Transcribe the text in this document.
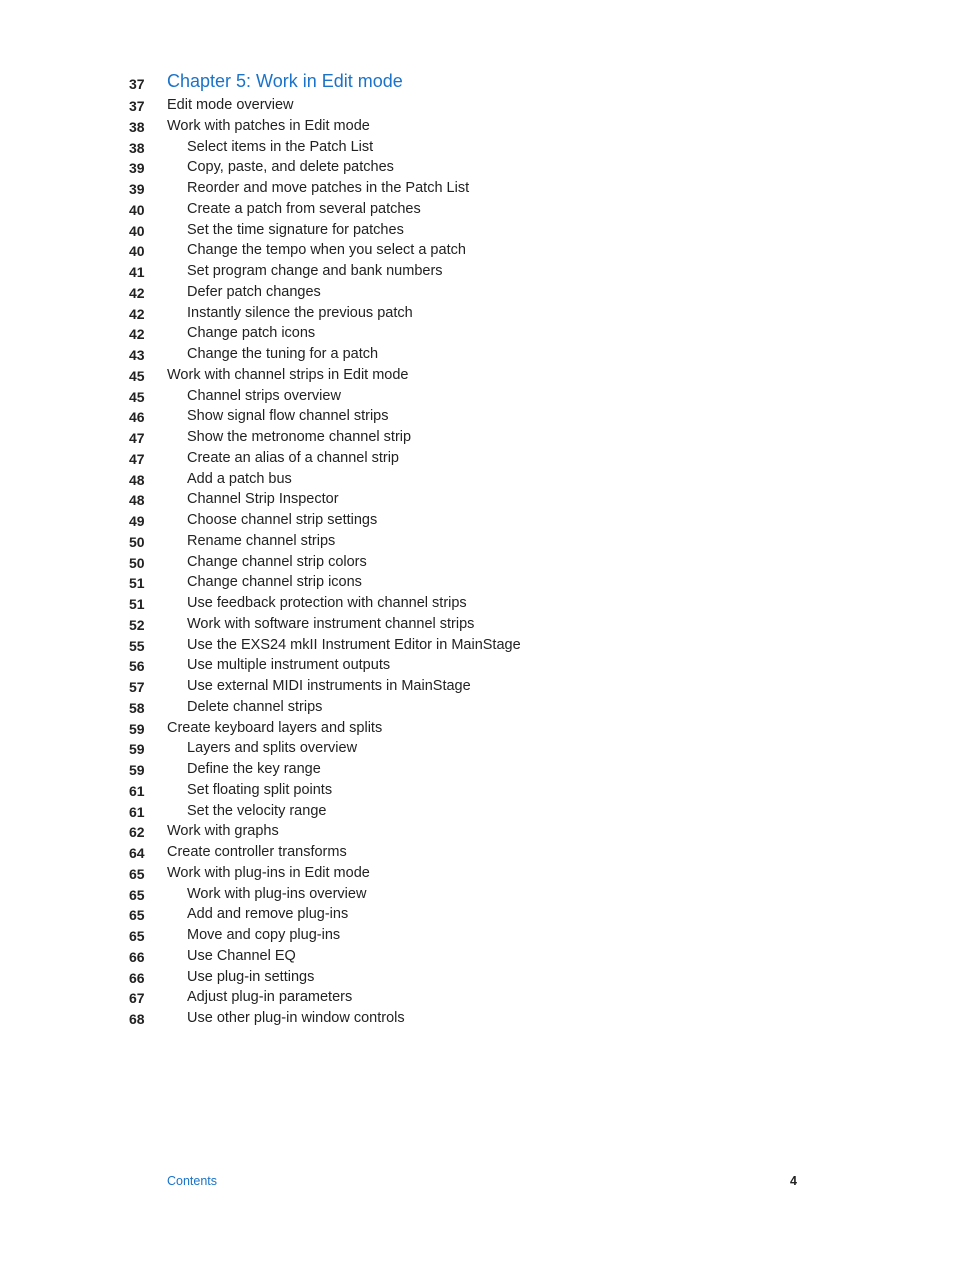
37 Chapter 5: Work in Edit mode
37 Edit mode overview
38 Work with patches in Edit mode
38	Select items in the Patch List
39	Copy, paste, and delete patches
39	Reorder and move patches in the Patch List
40	Create a patch from several patches
40	Set the time signature for patches
40	Change the tempo when you select a patch
41	Set program change and bank numbers
42	Defer patch changes
42	Instantly silence the previous patch
42	Change patch icons
43	Change the tuning for a patch
45 Work with channel strips in Edit mode
45	Channel strips overview
46	Show signal flow channel strips
47	Show the metronome channel strip
47	Create an alias of a channel strip
48	Add a patch bus
48	Channel Strip Inspector
49	Choose channel strip settings
50	Rename channel strips
50	Change channel strip colors
51	Change channel strip icons
51	Use feedback protection with channel strips
52	Work with software instrument channel strips
55	Use the EXS24 mkII Instrument Editor in MainStage
56	Use multiple instrument outputs
57	Use external MIDI instruments in MainStage
58	Delete channel strips
59 Create keyboard layers and splits
59	Layers and splits overview
59	Define the key range
61	Set floating split points
61	Set the velocity range
62 Work with graphs
64 Create controller transforms
65 Work with plug-ins in Edit mode
65	Work with plug-ins overview
65	Add and remove plug-ins
65	Move and copy plug-ins
66	Use Channel EQ
66	Use plug-in settings
67	Adjust plug-in parameters
68	Use other plug-in window controls
Contents	4
